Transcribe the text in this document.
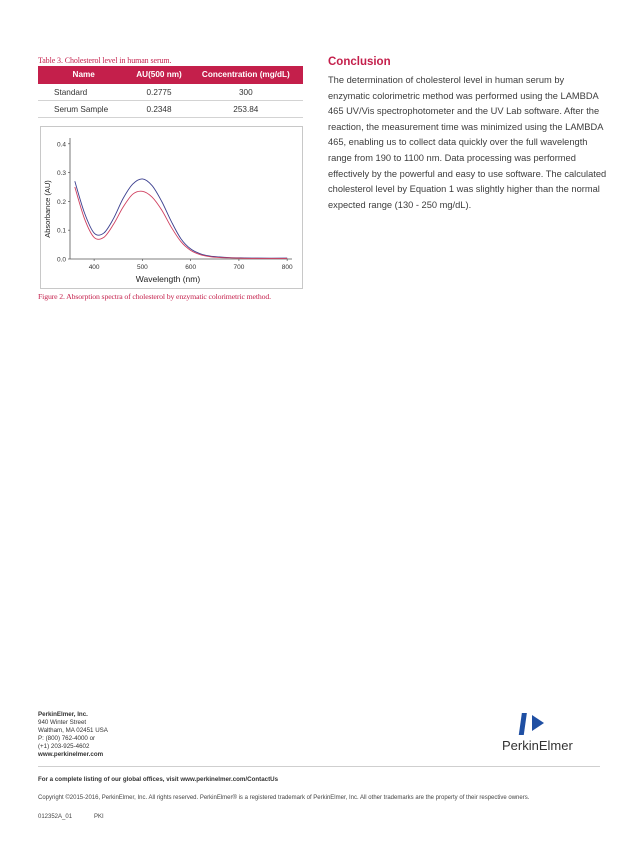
Table 3. Cholesterol level in human serum.
Name	AU(500 nm)	Concentration (mg/dL)
Standard	0.2775	300
Serum Sample	0.2348	253.84
0.0
0.1
0.2
0.3
0.4
400	500	600	700	800
Wavelength (nm)
Absorbance (AU)
Figure 2. Absorption spectra of cholesterol by enzymatic colorimetric method.
Conclusion

The determination of cholesterol level in human serum by enzymatic colorimetric method was performed using the LAMBDA 465 UV/Vis spectrophotometer and the UV Lab software. After the reaction, the measurement time was minimized using the LAMBDA 465, enabling us to collect data quickly over the full wavelength range from 190 to 1100 nm. Data processing was performed effectively by the powerful and easy to use software. The calculated cholesterol level by Equation 1 was slightly higher than the normal expected range (130 - 250 mg/dL).

PerkinElmer, Inc.
940 Winter Street
Waltham, MA 02451 USA
P: (800) 762-4000 or
(+1) 203-925-4602
www.perkinelmer.com
PerkinElmer
For a complete listing of our global offices, visit www.perkinelmer.com/ContactUs
Copyright ©2015-2016, PerkinElmer, Inc. All rights reserved. PerkinElmer® is a registered trademark of PerkinElmer, Inc. All other trademarks are the property of their respective owners.
012352A_01	PKI
